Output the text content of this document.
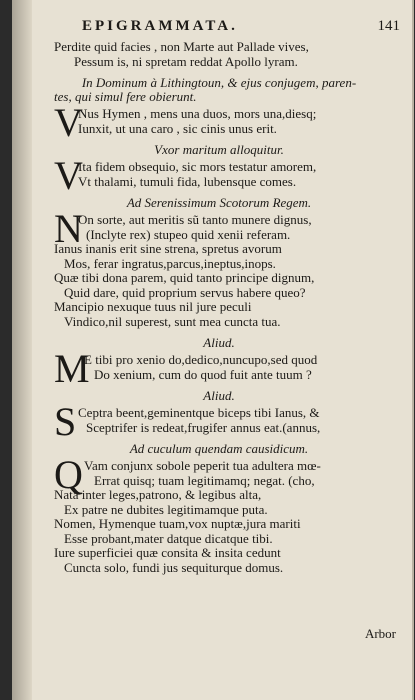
EPIGRAMMATA.	141
Perdite quid facies , non Marte aut Pallade vives,
Pessum is, ni spretam reddat Apollo lyram.
In Dominum à Lithingtoun, & ejus conjugem, paren-
tes, qui simul fere obierunt.
V
Nus Hymen , mens una duos, mors una,diesq;
Iunxit, ut una caro , sic cinis unus erit.
Vxor maritum alloquitur.
V
Ita fidem obsequio, sic mors testatur amorem,
Vt thalami, tumuli fida, lubensque comes.
Ad Serenissimum Scotorum Regem.
N
On sorte, aut meritis sũ tanto munere dignus,
(Inclyte rex) stupeo quid xenii referam.
Ianus inanis erit sine strena, spretus avorum
Mos, ferar ingratus,parcus,ineptus,inops.
Quæ tibi dona parem, quid tanto principe dignum,
Quid dare, quid proprium servus habere queo?
Mancipio nexuque tuus nil jure peculi
Vindico,nil superest, sunt mea cuncta tua.
Aliud.
M
E tibi pro xenio do,dedico,nuncupo,sed quod
Do xenium, cum do quod fuit ante tuum ?
Aliud.
S Ceptra beent,geminentque biceps tibi Ianus, &
Sceptrifer is redeat,frugifer annus eat.(annus,
Ad cuculum quendam causidicum.
Q Vam conjunx sobole peperit tua adultera mœ-
Errat quisq; tuam legitimamq; negat. (cho,
Nata inter leges,patrono, & legibus alta,
Ex patre ne dubites legitimamque puta.
Nomen, Hymenque tuam,vox nuptæ,jura mariti
Esse probant,mater datque dicatque tibi.
Iure superficiei quæ consita & insita cedunt
Cuncta solo, fundi jus sequiturque domus.
Arbor
